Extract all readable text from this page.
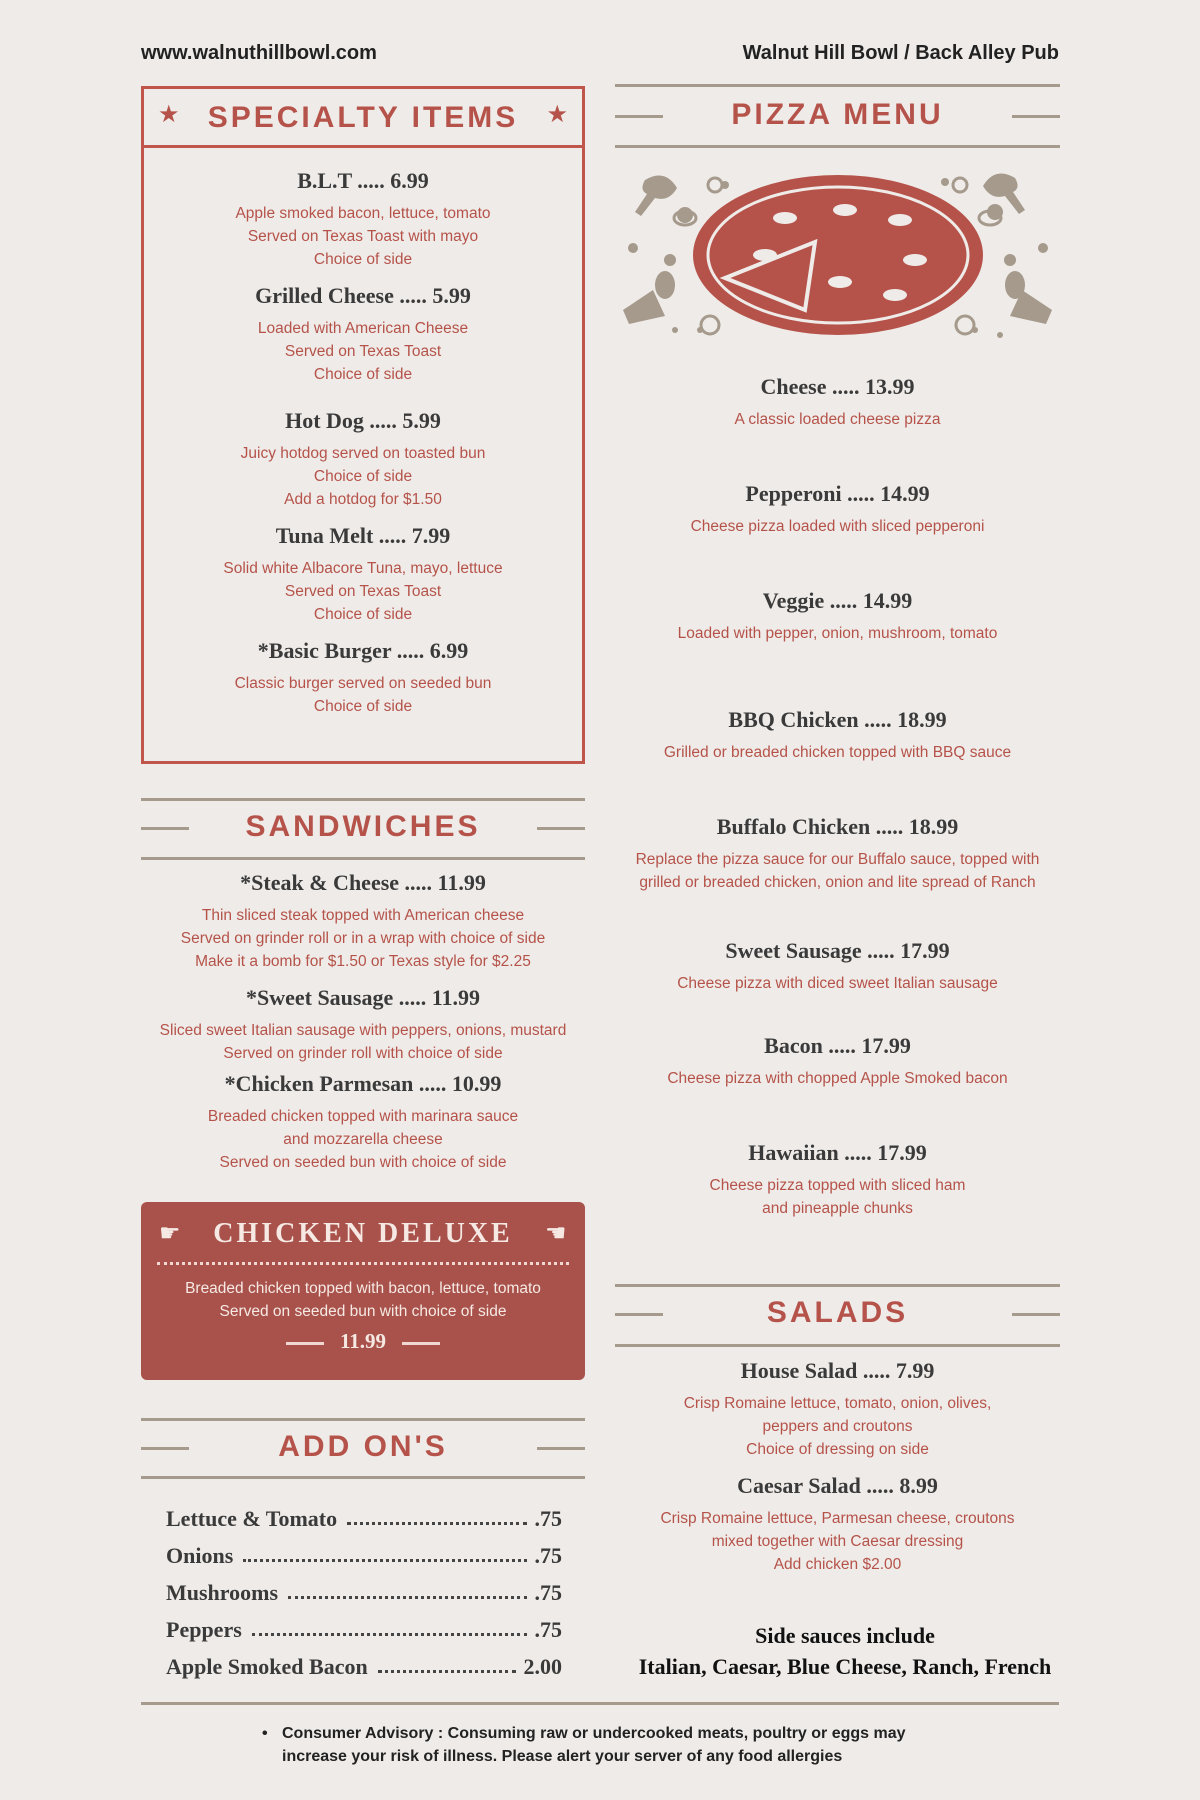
www.walnuthillbowl.com	Walnut Hill Bowl / Back Alley Pub
★ SPECIALTY ITEMS	★
B.L.T ..... 6.99
Apple smoked bacon, lettuce, tomato
Served on Texas Toast with mayo
Choice of side
Grilled Cheese ..... 5.99
Loaded with American Cheese
Served on Texas Toast
Choice of side
Hot Dog ..... 5.99
Juicy hotdog served on toasted bun
Choice of side
Add a hotdog for $1.50
Tuna Melt ..... 7.99
Solid white Albacore Tuna, mayo, lettuce
Served on Texas Toast
Choice of side
*Basic Burger ..... 6.99
Classic burger served on seeded bun
Choice of side
SANDWICHES
*Steak & Cheese ..... 11.99
Thin sliced steak topped with American cheese
Served on grinder roll or in a wrap with choice of side
Make it a bomb for $1.50 or Texas style for $2.25
*Sweet Sausage ..... 11.99
Sliced sweet Italian sausage with peppers, onions, mustard
Served on grinder roll with choice of side
*Chicken Parmesan ..... 10.99
Breaded chicken topped with marinara sauce
and mozzarella cheese
Served on seeded bun with choice of side
☛	CHICKEN DELUXE	☛
Breaded chicken topped with bacon, lettuce, tomato
Served on seeded bun with choice of side
11.99
ADD ON'S
Lettuce & Tomato	.75
Onions	.75
Mushrooms	.75
Peppers	.75
Apple Smoked Bacon	2.00
PIZZA MENU
Cheese ..... 13.99
A classic loaded cheese pizza
Pepperoni ..... 14.99
Cheese pizza loaded with sliced pepperoni
Veggie ..... 14.99
Loaded with pepper, onion, mushroom, tomato
BBQ Chicken ..... 18.99
Grilled or breaded chicken topped with BBQ sauce
Buffalo Chicken ..... 18.99
Replace the pizza sauce for our Buffalo sauce, topped with
grilled or breaded chicken, onion and lite spread of Ranch
Sweet Sausage ..... 17.99
Cheese pizza with diced sweet Italian sausage
Bacon ..... 17.99
Cheese pizza with chopped Apple Smoked bacon
Hawaiian ..... 17.99
Cheese pizza topped with sliced ham
and pineapple chunks
SALADS
House Salad ..... 7.99
Crisp Romaine lettuce, tomato, onion, olives,
peppers and croutons
Choice of dressing on side
Caesar Salad ..... 8.99
Crisp Romaine lettuce, Parmesan cheese, croutons
mixed together with Caesar dressing
Add chicken $2.00
Side sauces include
Italian, Caesar, Blue Cheese, Ranch, French
• Consumer Advisory : Consuming raw or undercooked meats, poultry or eggs may
increase your risk of illness. Please alert your server of any food allergies
